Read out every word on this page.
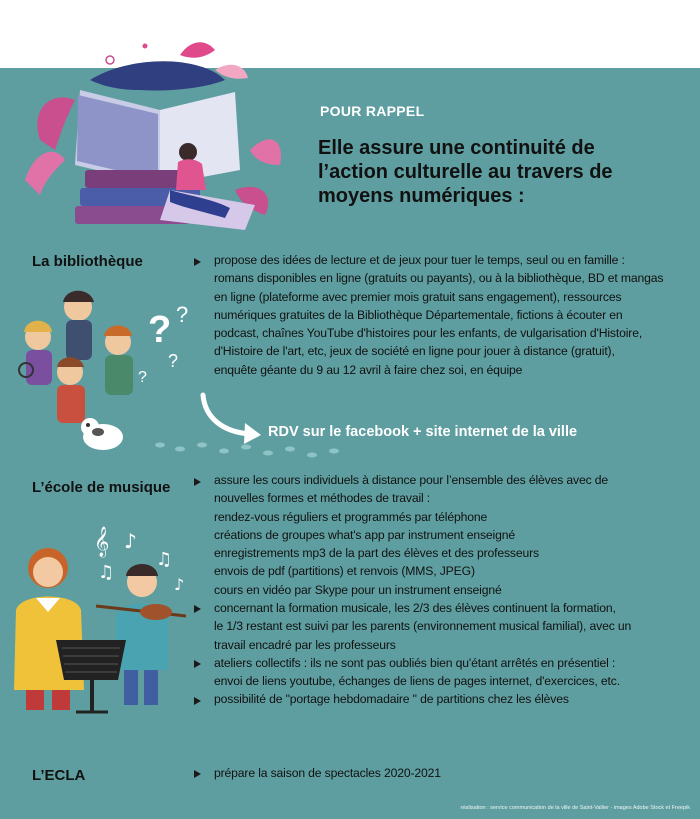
POUR RAPPEL
Elle assure une continuité de
l’action culturelle au travers de
moyens numériques :
La bibliothèque	propose des idées de lecture et de jeux pour tuer le temps, seul ou en famille :
romans disponibles en ligne (gratuits ou payants), ou à la bibliothèque, BD et mangas
en ligne (plateforme avec premier mois gratuit sans engagement), ressources
numériques gratuites de la Bibliothèque Départementale, fictions à écouter en
podcast, chaînes YouTube d'histoires pour les enfants, de vulgarisation d'Histoire,
d'Histoire de l'art, etc, jeux de société en ligne pour jouer à distance (gratuit),
enquête géante du 9 au 12 avril à faire chez soi, en équipe
? ?
?
?
RDV sur le facebook + site internet de la ville
L’école de musique	assure les cours individuels à distance pour l’ensemble des élèves avec de
nouvelles formes et méthodes de travail :
rendez-vous réguliers et programmés par téléphone
créations de groupes what's app par instrument enseigné
enregistrements mp3 de la part des élèves et des professeurs
envois de pdf (partitions) et renvois (MMS, JPEG)
cours en vidéo par Skype pour un instrument enseigné
concernant la formation musicale, les 2/3 des élèves continuent la formation,
le 1/3 restant est suivi par les parents (environnement musical familial), avec un
travail encadré par les professeurs
ateliers collectifs : ils ne sont pas oubliés bien qu'étant arrêtés en présentiel :
envoi de liens youtube, échanges de liens de pages internet, d'exercices, etc.
possibilité de "portage hebdomadaire " de partitions chez les élèves
𝄞 ♪
♫
♫
♪
L’ECLA	prépare la saison de spectacles 2020-2021
réalisation : service communication de la ville de Saint-Vallier - images Adobe Stock et Freepik
